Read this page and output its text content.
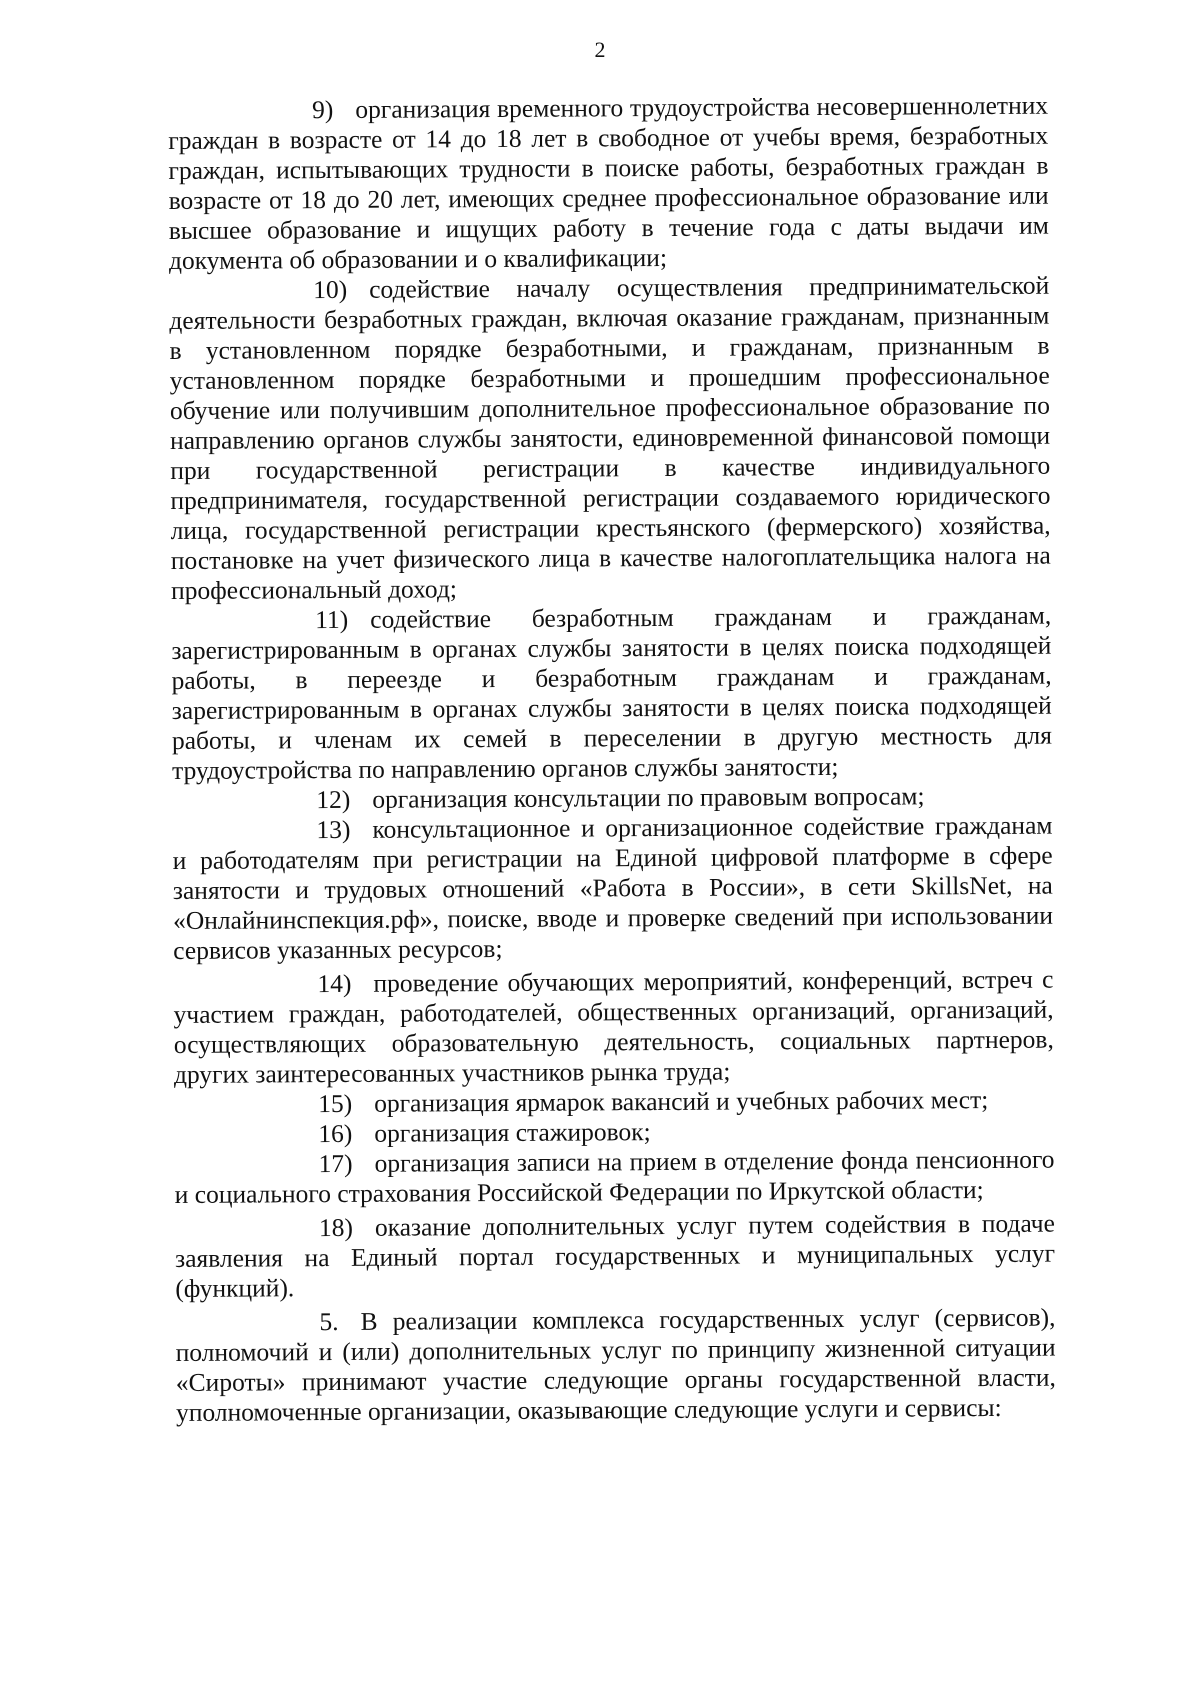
2

9) организация временного трудоустройства несовершеннолетних граждан в возрасте от 14 до 18 лет в свободное от учебы время, безработных граждан, испытывающих трудности в поиске работы, безработных граждан в возрасте от 18 до 20 лет, имеющих среднее профессиональное образование или высшее образование и ищущих работу в течение года с даты выдачи им документа об образовании и о квалификации;

10) содействие началу осуществления предпринимательской деятельности безработных граждан, включая оказание гражданам, признанным в установленном порядке безработными, и гражданам, признанным в установленном порядке безработными и прошедшим профессиональное обучение или получившим дополнительное профессиональное образование по направлению органов службы занятости, единовременной финансовой помощи при государственной регистрации в качестве индивидуального предпринимателя, государственной регистрации создаваемого юридического лица, государственной регистрации крестьянского (фермерского) хозяйства, постановке на учет физического лица в качестве налогоплательщика налога на профессиональный доход;

11) содействие безработным гражданам и гражданам, зарегистрированным в органах службы занятости в целях поиска подходящей работы, в переезде и безработным гражданам и гражданам, зарегистрированным в органах службы занятости в целях поиска подходящей работы, и членам их семей в переселении в другую местность для трудоустройства по направлению органов службы занятости;

12) организация консультации по правовым вопросам;

13) консультационное и организационное содействие гражданам и работодателям при регистрации на Единой цифровой платформе в сфере занятости и трудовых отношений «Работа в России», в сети SkillsNet, на «Онлайнинспекция.рф», поиске, вводе и проверке сведений при использовании сервисов указанных ресурсов;

14) проведение обучающих мероприятий, конференций, встреч с участием граждан, работодателей, общественных организаций, организаций, осуществляющих образовательную деятельность, социальных партнеров, других заинтересованных участников рынка труда;

15) организация ярмарок вакансий и учебных рабочих мест;

16) организация стажировок;

17) организация записи на прием в отделение фонда пенсионного и социального страхования Российской Федерации по Иркутской области;

18) оказание дополнительных услуг путем содействия в подаче заявления на Единый портал государственных и муниципальных услуг (функций).

5. В реализации комплекса государственных услуг (сервисов), полномочий и (или) дополнительных услуг по принципу жизненной ситуации «Сироты» принимают участие следующие органы государственной власти, уполномоченные организации, оказывающие следующие услуги и сервисы:
